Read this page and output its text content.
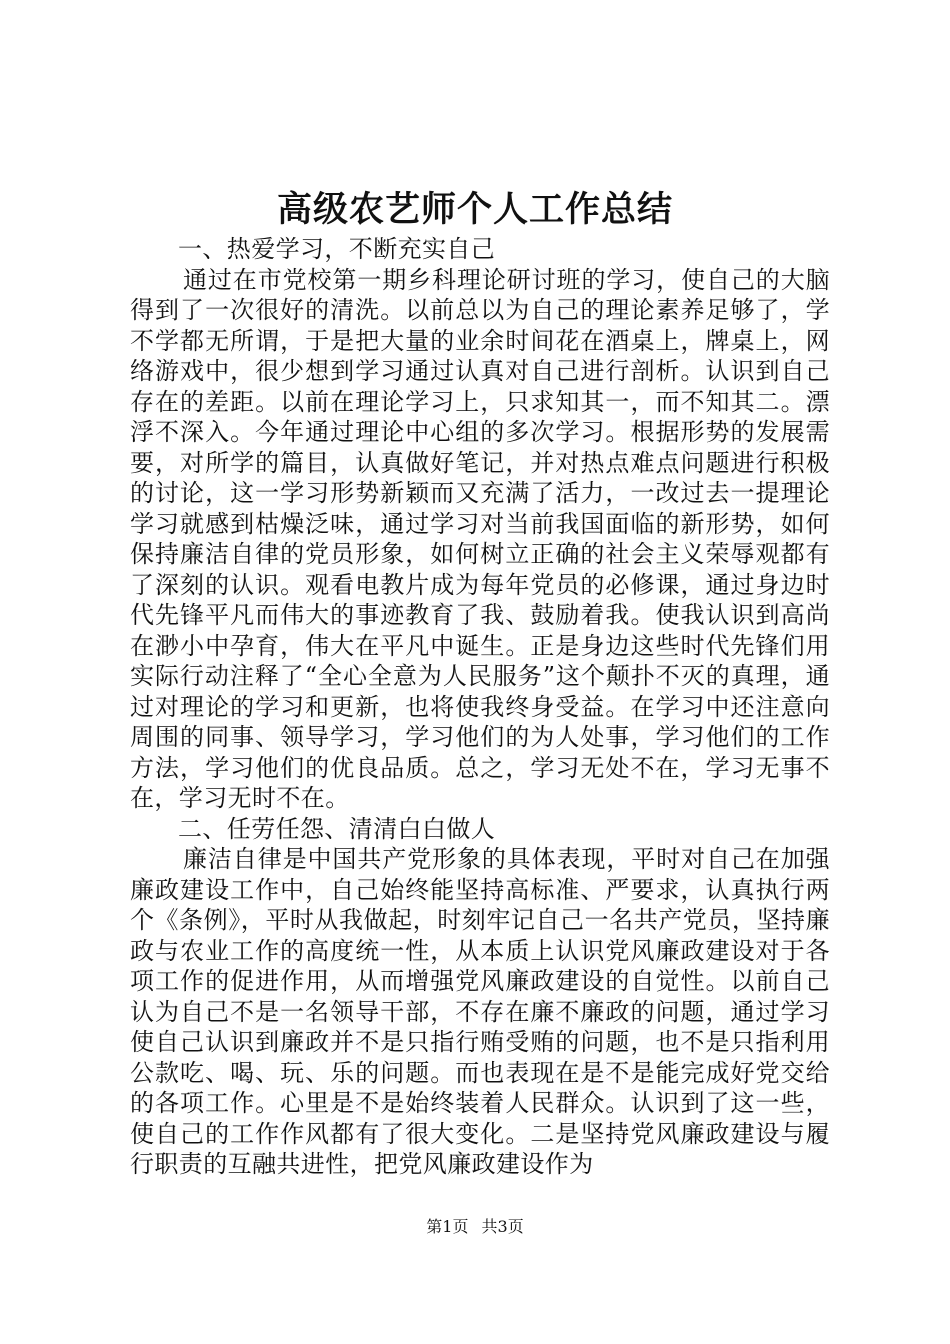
高级农艺师个人工作总结

一、热爱学习，不断充实自己

通过在市党校第一期乡科理论研讨班的学习，使自己的大脑得到了一次很好的清洗。以前总以为自己的理论素养足够了，学不学都无所谓，于是把大量的业余时间花在酒桌上，牌桌上，网络游戏中，很少想到学习通过认真对自己进行剖析。认识到自己存在的差距。以前在理论学习上，只求知其一，而不知其二。漂浮不深入。今年通过理论中心组的多次学习。根据形势的发展需要，对所学的篇目，认真做好笔记，并对热点难点问题进行积极的讨论，这一学习形势新颖而又充满了活力，一改过去一提理论学习就感到枯燥泛味，通过学习对当前我国面临的新形势，如何保持廉洁自律的党员形象，如何树立正确的社会主义荣辱观都有了深刻的认识。观看电教片成为每年党员的必修课，通过身边时代先锋平凡而伟大的事迹教育了我、鼓励着我。使我认识到高尚在渺小中孕育，伟大在平凡中诞生。正是身边这些时代先锋们用实际行动注释了“全心全意为人民服务”这个颠扑不灭的真理，通过对理论的学习和更新，也将使我终身受益。在学习中还注意向周围的同事、领导学习，学习他们的为人处事，学习他们的工作方法，学习他们的优良品质。总之，学习无处不在，学习无事不在，学习无时不在。

二、任劳任怨、清清白白做人

廉洁自律是中国共产党形象的具体表现，平时对自己在加强廉政建设工作中，自己始终能坚持高标准、严要求，认真执行两个《条例》，平时从我做起，时刻牢记自己一名共产党员，坚持廉政与农业工作的高度统一性，从本质上认识党风廉政建设对于各项工作的促进作用，从而增强党风廉政建设的自觉性。以前自己认为自己不是一名领导干部，不存在廉不廉政的问题，通过学习使自己认识到廉政并不是只指行贿受贿的问题，也不是只指利用公款吃、喝、玩、乐的问题。而也表现在是不是能完成好党交给的各项工作。心里是不是始终装着人民群众。认识到了这一些，使自己的工作作风都有了很大变化。二是坚持党风廉政建设与履行职责的互融共进性，把党风廉政建设作为

第1页 共3页
